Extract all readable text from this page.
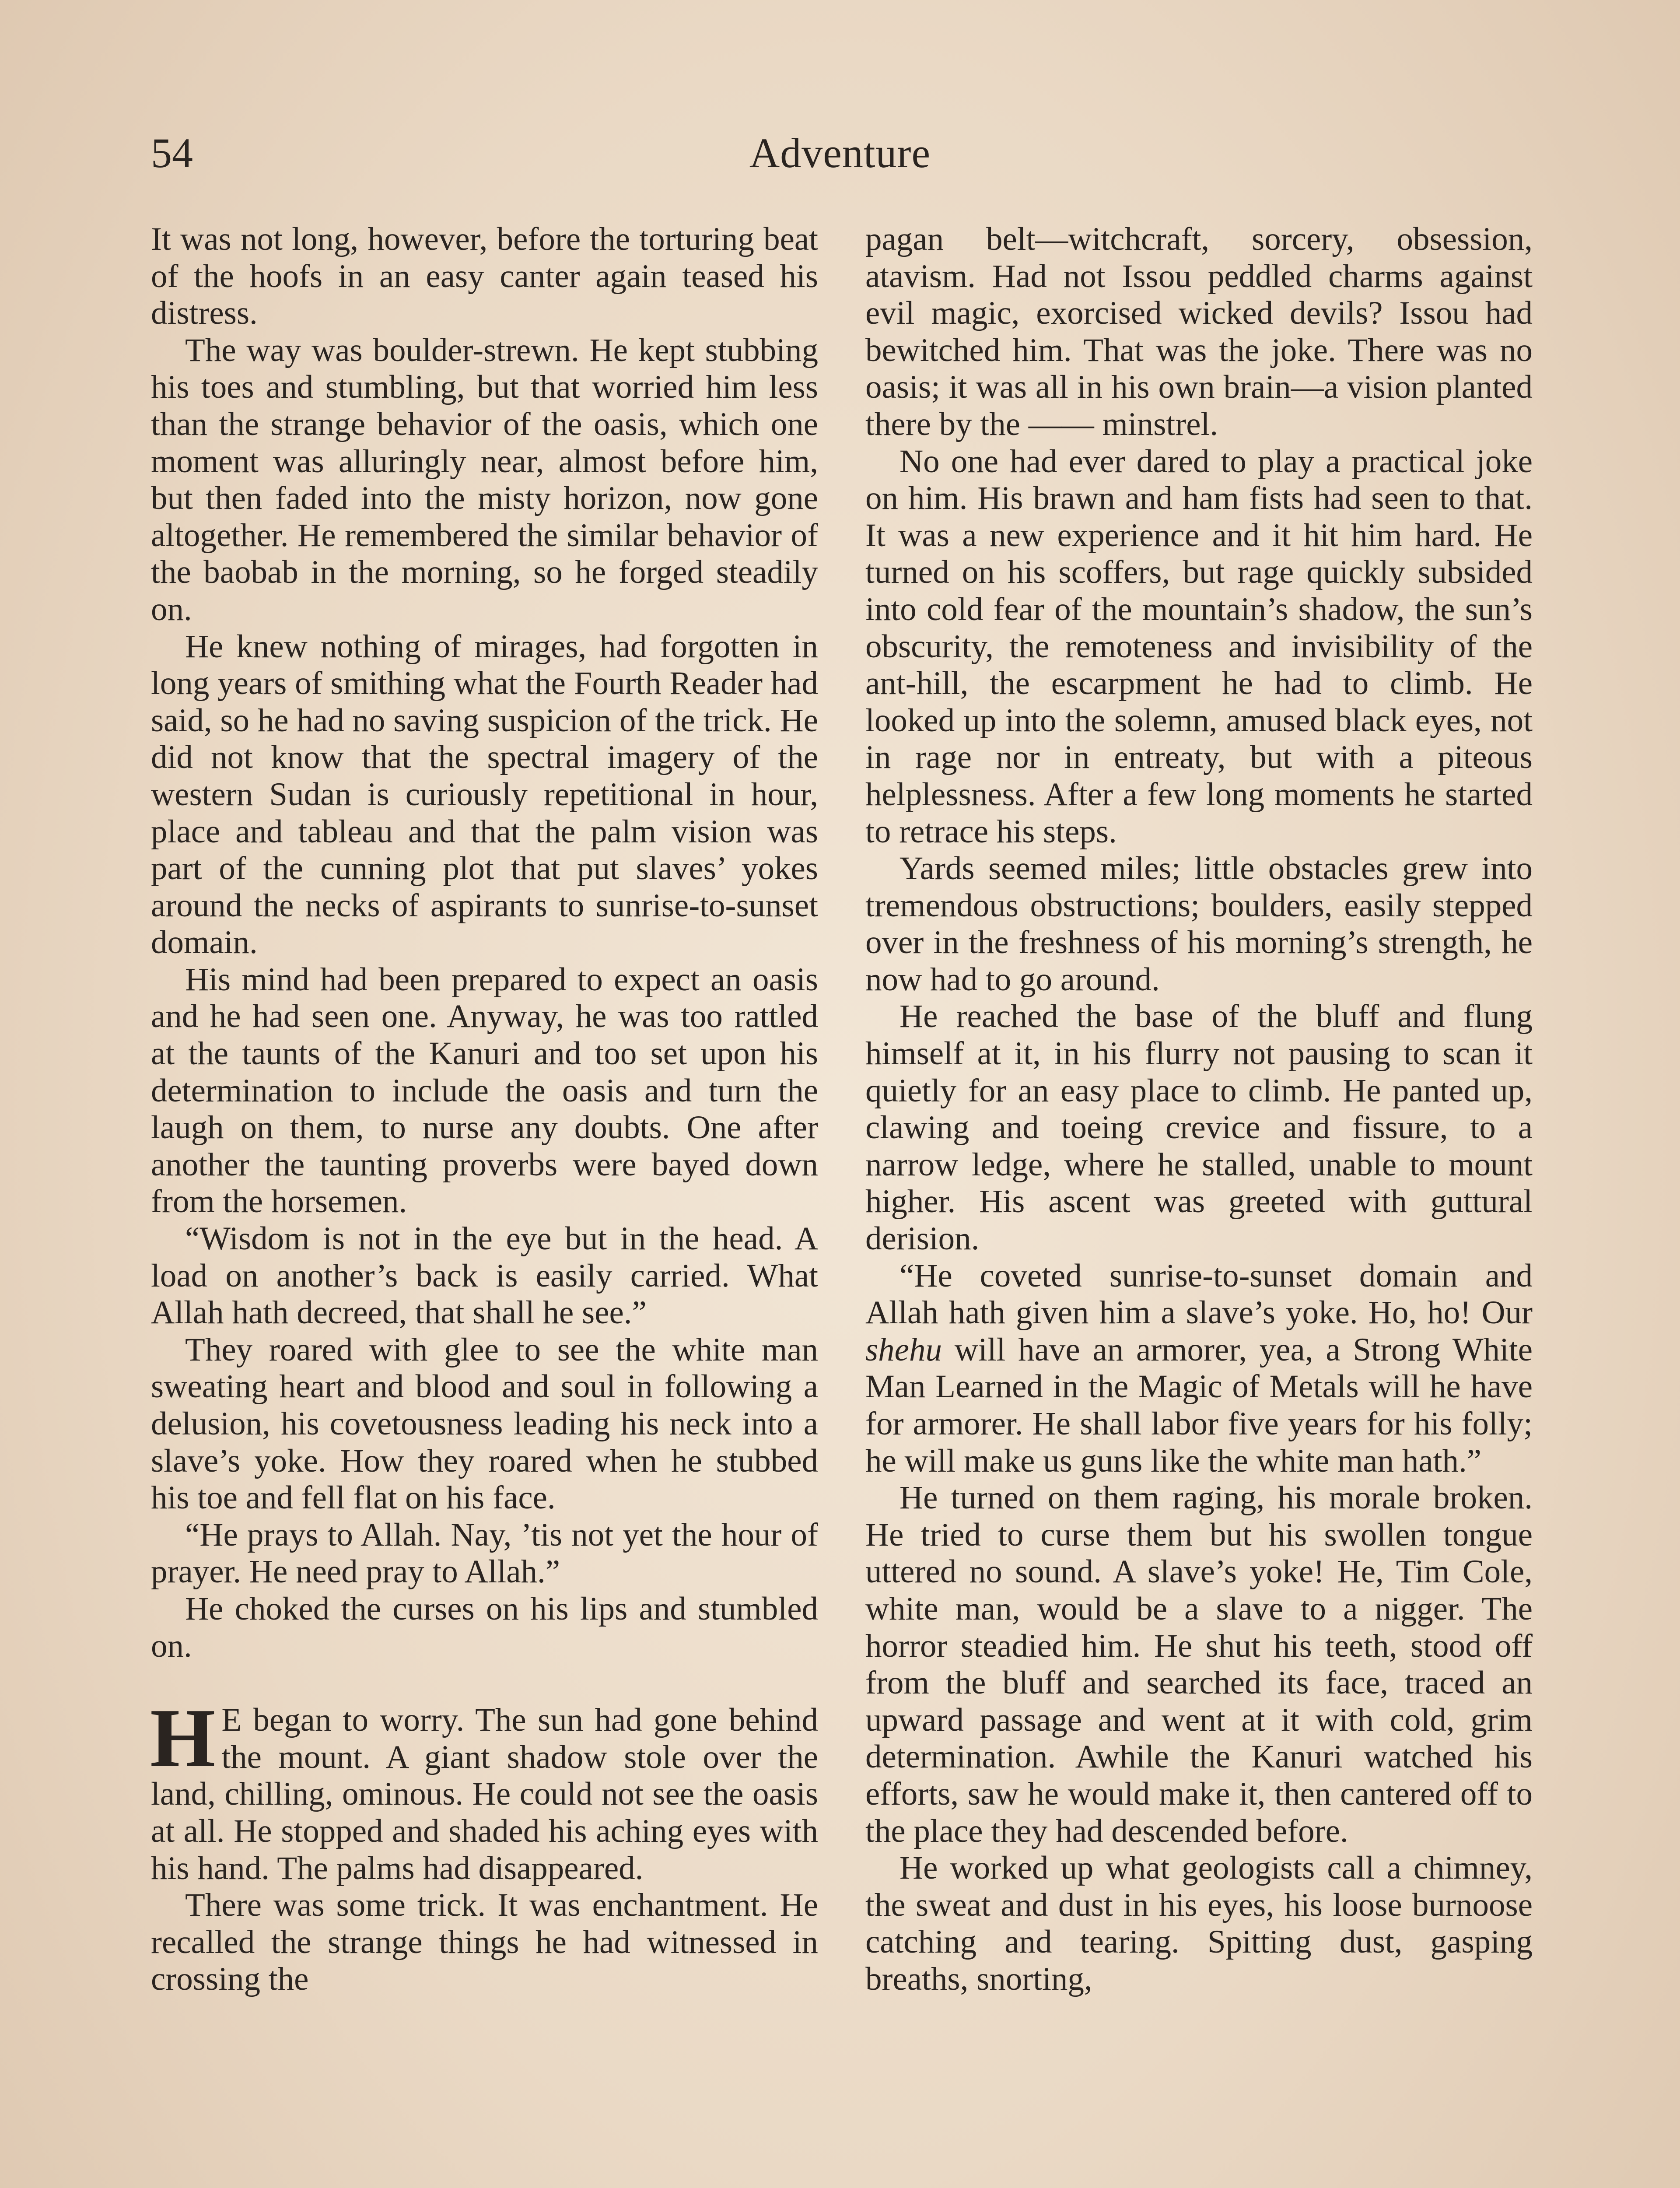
54	Adventure

It was not long, however, before the torturing beat of the hoofs in an easy canter again teased his distress.

The way was boulder-strewn. He kept stubbing his toes and stumbling, but that worried him less than the strange behavior of the oasis, which one moment was alluringly near, almost before him, but then faded into the misty horizon, now gone altogether. He remembered the similar behavior of the baobab in the morning, so he forged steadily on.

He knew nothing of mirages, had forgotten in long years of smithing what the Fourth Reader had said, so he had no saving suspicion of the trick. He did not know that the spectral imagery of the western Sudan is curiously repetitional in hour, place and tableau and that the palm vision was part of the cunning plot that put slaves’ yokes around the necks of aspirants to sunrise-to-sunset domain.

His mind had been prepared to expect an oasis and he had seen one. Anyway, he was too rattled at the taunts of the Kanuri and too set upon his determination to include the oasis and turn the laugh on them, to nurse any doubts. One after another the taunting proverbs were bayed down from the horsemen.

“Wisdom is not in the eye but in the head. A load on another’s back is easily carried. What Allah hath decreed, that shall he see.”

They roared with glee to see the white man sweating heart and blood and soul in following a delusion, his covetousness leading his neck into a slave’s yoke. How they roared when he stubbed his toe and fell flat on his face.

“He prays to Allah. Nay, ’tis not yet the hour of prayer. He need pray to Allah.”

He choked the curses on his lips and stumbled on.

H E began to worry. The sun had gone behind the mount. A giant shadow stole over the land, chilling, ominous. He could not see the oasis at all. He stopped and shaded his aching eyes with his hand. The palms had disappeared.

There was some trick. It was enchantment. He recalled the strange things he had witnessed in crossing the

pagan belt—witchcraft, sorcery, obsession, atavism. Had not Issou peddled charms against evil magic, exorcised wicked devils? Issou had bewitched him. That was the joke. There was no oasis; it was all in his own brain—a vision planted there by the —— minstrel.

No one had ever dared to play a practical joke on him. His brawn and ham fists had seen to that. It was a new experience and it hit him hard. He turned on his scoffers, but rage quickly subsided into cold fear of the mountain’s shadow, the sun’s obscurity, the remoteness and invisibility of the ant-hill, the escarpment he had to climb. He looked up into the solemn, amused black eyes, not in rage nor in entreaty, but with a piteous helplessness. After a few long moments he started to retrace his steps.

Yards seemed miles; little obstacles grew into tremendous obstructions; boulders, easily stepped over in the freshness of his morning’s strength, he now had to go around.

He reached the base of the bluff and flung himself at it, in his flurry not pausing to scan it quietly for an easy place to climb. He panted up, clawing and toeing crevice and fissure, to a narrow ledge, where he stalled, unable to mount higher. His ascent was greeted with guttural derision.

“He coveted sunrise-to-sunset domain and Allah hath given him a slave’s yoke. Ho, ho! Our shehu will have an armorer, yea, a Strong White Man Learned in the Magic of Metals will he have for armorer. He shall labor five years for his folly; he will make us guns like the white man hath.”

He turned on them raging, his morale broken. He tried to curse them but his swollen tongue uttered no sound. A slave’s yoke! He, Tim Cole, white man, would be a slave to a nigger. The horror steadied him. He shut his teeth, stood off from the bluff and searched its face, traced an upward passage and went at it with cold, grim determination. Awhile the Kanuri watched his efforts, saw he would make it, then cantered off to the place they had descended before.

He worked up what geologists call a chimney, the sweat and dust in his eyes, his loose burnoose catching and tearing. Spitting dust, gasping breaths, snorting,
